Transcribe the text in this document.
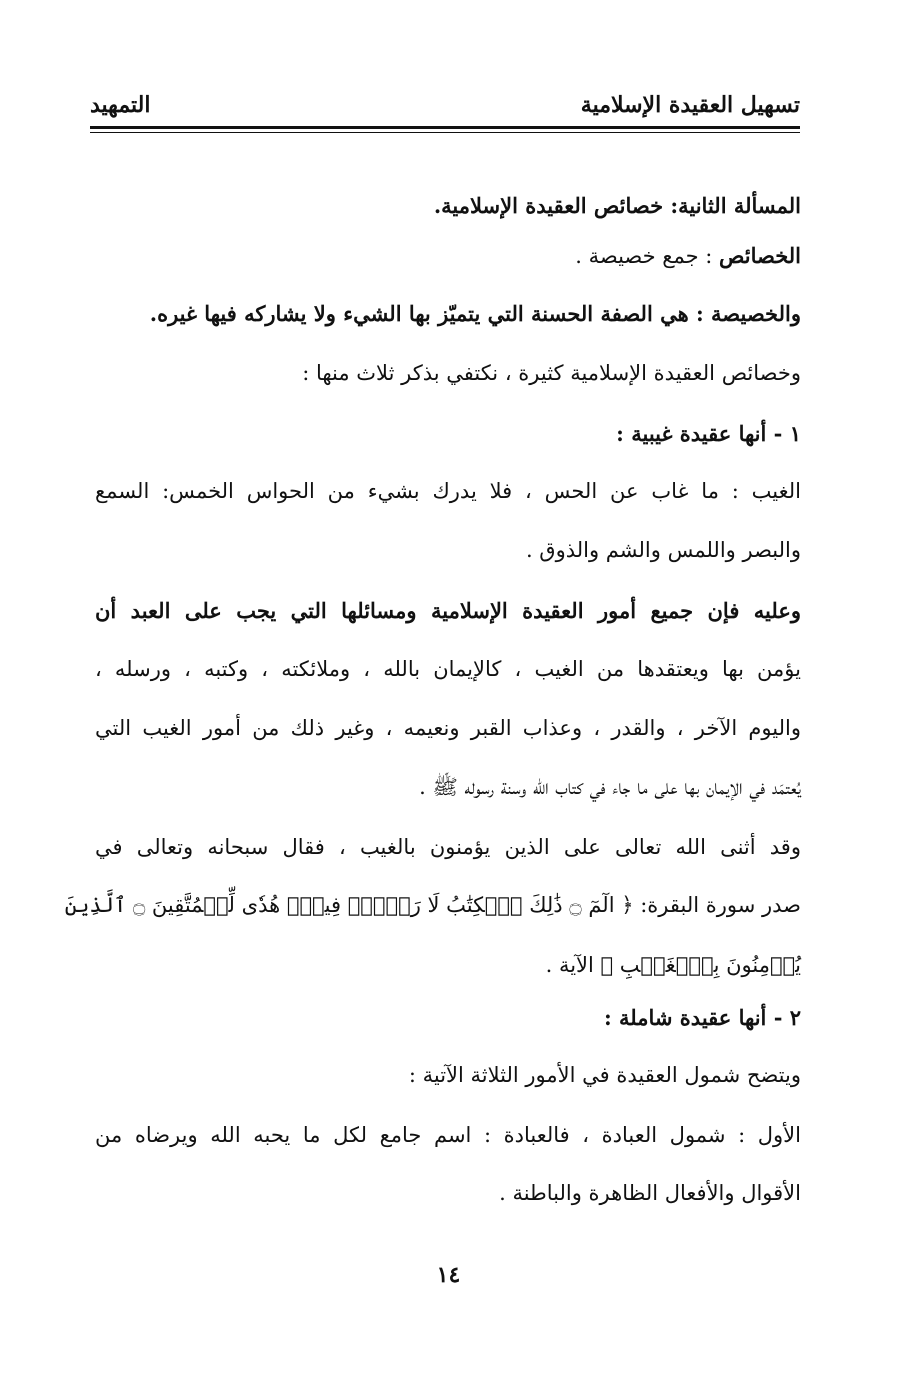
تسهيل العقيدة الإسلامية
التمهيد
المسألة الثانية: خصائص العقيدة الإسلامية.
الخصائص : جمع خصيصة .
والخصيصة : هي الصفة الحسنة التي يتميّز بها الشيء ولا يشاركه فيها غيره.
وخصائص العقيدة الإسلامية كثيرة ، نكتفي بذكر ثلاث منها :
١ - أنها عقيدة غيبية :
الغيب : ما غاب عن الحس ، فلا يدرك بشيء من الحواس الخمس: السمع
والبصر واللمس والشم والذوق .
وعليه فإن جميع أمور العقيدة الإسلامية ومسائلها التي يجب على العبد أن
يؤمن بها ويعتقدها من الغيب ، كالإيمان بالله ، وملائكته ، وكتبه ، ورسله ،
واليوم الآخر ، والقدر ، وعذاب القبر ونعيمه ، وغير ذلك من أمور الغيب التي
يُعتمَد في الإيمان بها على ما جاء في كتاب الله وسنة رسوله ﷺ .
وقد أثنى الله تعالى على الذين يؤمنون بالغيب ، فقال سبحانه وتعالى في
صدر سورة البقرة: ﴿ الٓمٓ ۝ ذَٰلِكَ ٱلۡكِتَٰبُ لَا رَيۡبَۛ فِيهِۛ هُدٗى لِّلۡمُتَّقِينَ ۝ ٱلَّذِينَ
يُؤۡمِنُونَ بِٱلۡغَيۡبِ ﴾ الآية .
٢ - أنها عقيدة شاملة :
ويتضح شمول العقيدة في الأمور الثلاثة الآتية :
الأول : شمول العبادة ، فالعبادة : اسم جامع لكل ما يحبه الله ويرضاه من
الأقوال والأفعال الظاهرة والباطنة .
١٤
